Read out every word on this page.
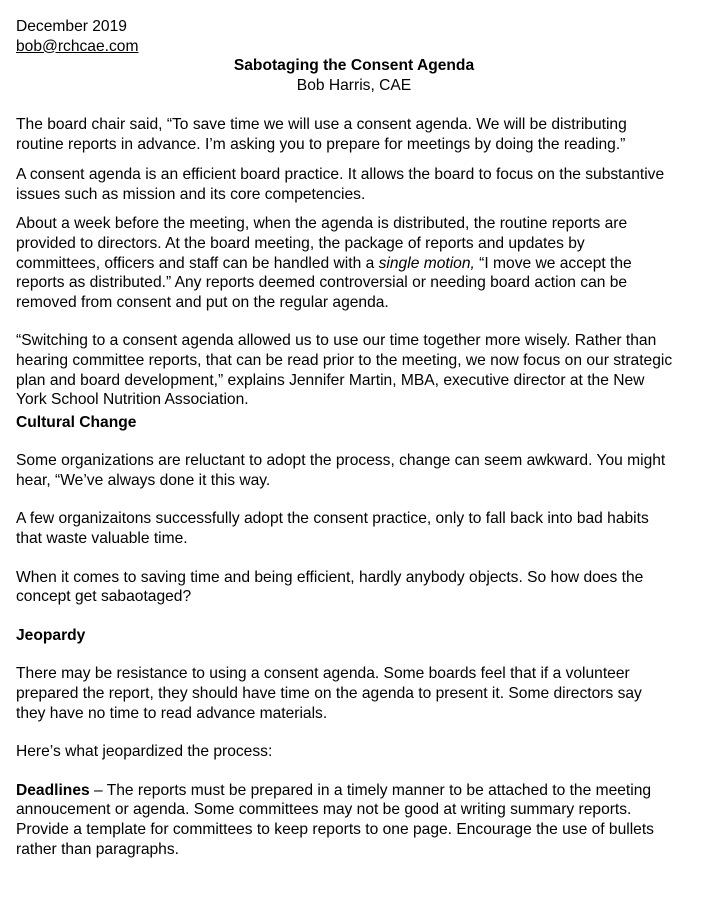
December 2019
bob@rchcae.com
Sabotaging the Consent Agenda
Bob Harris, CAE
The board chair said, “To save time we will use a consent agenda. We will be distributing
routine reports in advance. I’m asking you to prepare for meetings by doing the reading.”
A consent agenda is an efficient board practice. It allows the board to focus on the substantive
issues such as mission and its core competencies.
About a week before the meeting, when the agenda is distributed, the routine reports are
provided to directors. At the board meeting, the package of reports and updates by
committees, officers and staff can be handled with a single motion, “I move we accept the
reports as distributed.” Any reports deemed controversial or needing board action can be
removed from consent and put on the regular agenda.
“Switching to a consent agenda allowed us to use our time together more wisely. Rather than
hearing committee reports, that can be read prior to the meeting, we now focus on our strategic
plan and board development,” explains Jennifer Martin, MBA, executive director at the New
York School Nutrition Association.
Cultural Change
Some organizations are reluctant to adopt the process, change can seem awkward. You might
hear, “We’ve always done it this way.
A few organizaitons successfully adopt the consent practice, only to fall back into bad habits
that waste valuable time.
When it comes to saving time and being efficient, hardly anybody objects. So how does the
concept get sabaotaged?
Jeopardy
There may be resistance to using a consent agenda. Some boards feel that if a volunteer
prepared the report, they should have time on the agenda to present it. Some directors say
they have no time to read advance materials.
Here’s what jeopardized the process:
Deadlines – The reports must be prepared in a timely manner to be attached to the meeting
annoucement or agenda. Some committees may not be good at writing summary reports.
Provide a template for committees to keep reports to one page. Encourage the use of bullets
rather than paragraphs.
